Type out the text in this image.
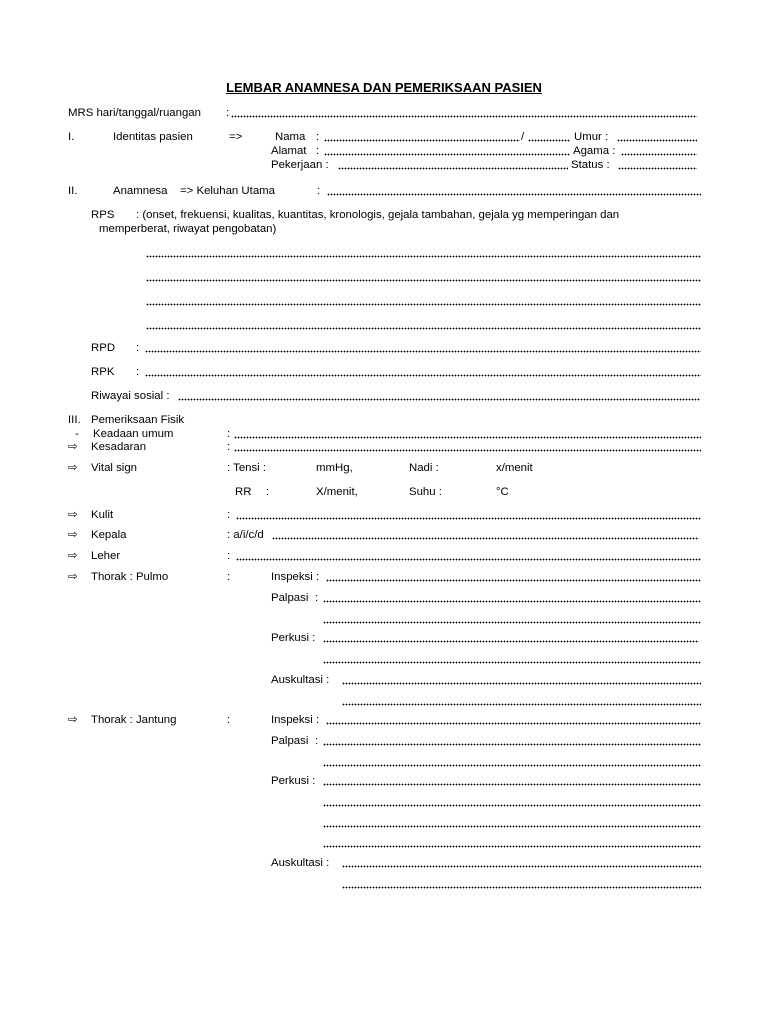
LEMBAR ANAMNESA DAN PEMERIKSAAN PASIEN
MRS hari/tanggal/ruangan :
I.	Identitas pasien	=>	Nama :	/	Umur :
Alamat :	Agama :
Pekerjaan :	Status :
II.	Anamnesa => Keluhan Utama	:
RPS : (onset, frekuensi, kualitas, kuantitas, kronologis, gejala tambahan, gejala yg memperingan dan
memperberat, riwayat pengobatan)
RPD :
RPK :
Riwayai sosial :
III. Pemeriksaan Fisik
- Keadaan umum	:
⇨ Kesadaran	:
⇨ Vital sign	: Tensi :	mmHg,	Nadi :	x/menit
RR :	X/menit,	Suhu :	°C
⇨ Kulit	:
⇨ Kepala	: a/i/c/d
⇨ Leher	:
⇨ Thorak : Pulmo	:	Inspeksi :
Palpasi :
Perkusi :
Auskultasi :
⇨ Thorak : Jantung	:	Inspeksi :
Palpasi :
Perkusi :
Auskultasi :
